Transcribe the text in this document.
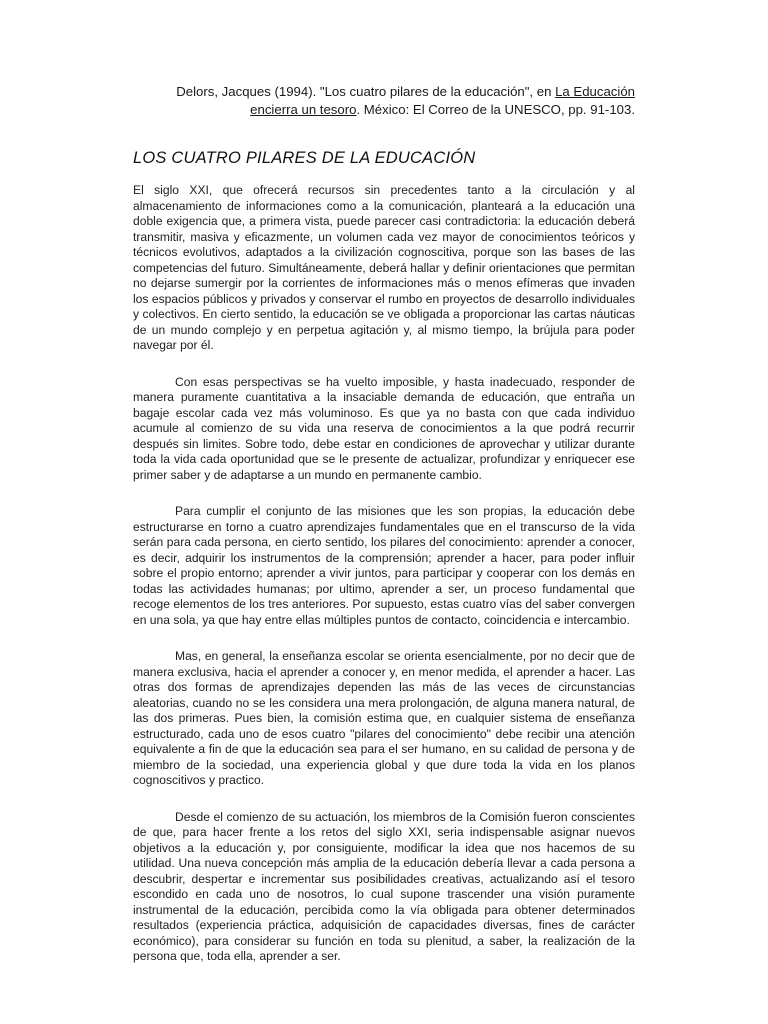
Delors, Jacques (1994). "Los cuatro pilares de la educación", en La Educación encierra un tesoro. México: El Correo de la UNESCO, pp. 91-103.
LOS CUATRO PILARES DE LA EDUCACIÓN

El siglo XXI, que ofrecerá recursos sin precedentes tanto a la circulación y al almacenamiento de informaciones como a la comunicación, planteará a la educación una doble exigencia que, a primera vista, puede parecer casi contradictoria: la educación deberá transmitir, masiva y eficazmente, un volumen cada vez mayor de conocimientos teóricos y técnicos evolutivos, adaptados a la civilización cognoscitiva, porque son las bases de las competencias del futuro. Simultáneamente, deberá hallar y definir orientaciones que permitan no dejarse sumergir por la corrientes de informaciones más o menos efímeras que invaden los espacios públicos y privados y conservar el rumbo en proyectos de desarrollo individuales y colectivos. En cierto sentido, la educación se ve obligada a proporcionar las cartas náuticas de un mundo complejo y en perpetua agitación y, al mismo tiempo, la brújula para poder navegar por él.

Con esas perspectivas se ha vuelto imposible, y hasta inadecuado, responder de manera puramente cuantitativa a la insaciable demanda de educación, que entraña un bagaje escolar cada vez más voluminoso. Es que ya no basta con que cada individuo acumule al comienzo de su vida una reserva de conocimientos a la que podrá recurrir después sin limites. Sobre todo, debe estar en condiciones de aprovechar y utilizar durante toda la vida cada oportunidad que se le presente de actualizar, profundizar y enriquecer ese primer saber y de adaptarse a un mundo en permanente cambio.

Para cumplir el conjunto de las misiones que les son propias, la educación debe estructurarse en torno a cuatro aprendizajes fundamentales que en el transcurso de la vida serán para cada persona, en cierto sentido, los pilares del conocimiento: aprender a conocer, es decir, adquirir los instrumentos de la comprensión; aprender a hacer, para poder influir sobre el propio entorno; aprender a vivir juntos, para participar y cooperar con los demás en todas las actividades humanas; por ultimo, aprender a ser, un proceso fundamental que recoge elementos de los tres anteriores. Por supuesto, estas cuatro vías del saber convergen en una sola, ya que hay entre ellas múltiples puntos de contacto, coincidencia e intercambio.

Mas, en general, la enseñanza escolar se orienta esencialmente, por no decir que de manera exclusiva, hacia el aprender a conocer y, en menor medida, el aprender a hacer. Las otras dos formas de aprendizajes dependen las más de las veces de circunstancias aleatorias, cuando no se les considera una mera prolongación, de alguna manera natural, de las dos primeras. Pues bien, la comisión estima que, en cualquier sistema de enseñanza estructurado, cada uno de esos cuatro "pilares del conocimiento" debe recibir una atención equivalente a fin de que la educación sea para el ser humano, en su calidad de persona y de miembro de la sociedad, una experiencia global y que dure toda la vida en los planos cognoscitivos y practico.

Desde el comienzo de su actuación, los miembros de la Comisión fueron conscientes de que, para hacer frente a los retos del siglo XXI, seria indispensable asignar nuevos objetivos a la educación y, por consiguiente, modificar la idea que nos hacemos de su utilidad. Una nueva concepción más amplia de la educación debería llevar a cada persona a descubrir, despertar e incrementar sus posibilidades creativas, actualizando así el tesoro escondido en cada uno de nosotros, lo cual supone trascender una visión puramente instrumental de la educación, percibida como la vía obligada para obtener determinados resultados (experiencia práctica, adquisición de capacidades diversas, fines de carácter económico), para considerar su función en toda su plenitud, a saber, la realización de la persona que, toda ella, aprender a ser.
